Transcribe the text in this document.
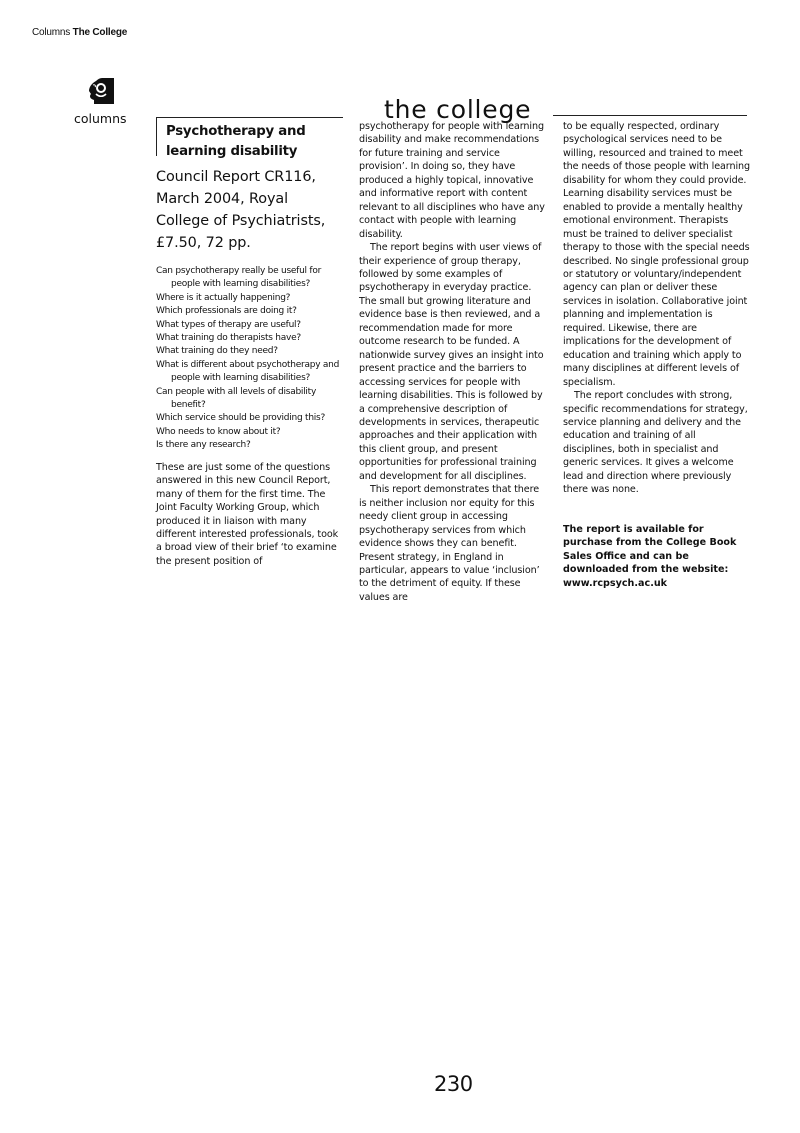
Columns The College
columns	the college
Psychotherapy and learning disability

Council Report CR116, March 2004, Royal College of Psychiatrists, £7.50, 72 pp.

Can psychotherapy really be useful for people with learning disabilities?
Where is it actually happening?
Which professionals are doing it?
What types of therapy are useful?
What training do therapists have?
What training do they need?
What is different about psychotherapy and people with learning disabilities?
Can people with all levels of disability benefit?
Which service should be providing this?
Who needs to know about it?
Is there any research?

These are just some of the questions answered in this new Council Report, many of them for the first time. The Joint Faculty Working Group, which produced it in liaison with many different interested professionals, took a broad view of their brief ‘to examine the present position of

psychotherapy for people with learning disability and make recommendations for future training and service provision’. In doing so, they have produced a highly topical, innovative and informative report with content relevant to all disciplines who have any contact with people with learning disability.

The report begins with user views of their experience of group therapy, followed by some examples of psychotherapy in everyday practice. The small but growing literature and evidence base is then reviewed, and a recommendation made for more outcome research to be funded. A nationwide survey gives an insight into present practice and the barriers to accessing services for people with learning disabilities. This is followed by a comprehensive description of developments in services, therapeutic approaches and their application with this client group, and present opportunities for professional training and development for all disciplines.

This report demonstrates that there is neither inclusion nor equity for this needy client group in accessing psychotherapy services from which evidence shows they can benefit. Present strategy, in England in particular, appears to value ‘inclusion’ to the detriment of equity. If these values are

to be equally respected, ordinary psychological services need to be willing, resourced and trained to meet the needs of those people with learning disability for whom they could provide. Learning disability services must be enabled to provide a mentally healthy emotional environment. Therapists must be trained to deliver specialist therapy to those with the special needs described. No single professional group or statutory or voluntary/independent agency can plan or deliver these services in isolation. Collaborative joint planning and implementation is required. Likewise, there are implications for the development of education and training which apply to many disciplines at different levels of specialism.

The report concludes with strong, specific recommendations for strategy, service planning and delivery and the education and training of all disciplines, both in specialist and generic services. It gives a welcome lead and direction where previously there was none.

The report is available for purchase from the College Book Sales Office and can be downloaded from the website: www.rcpsych.ac.uk

230
